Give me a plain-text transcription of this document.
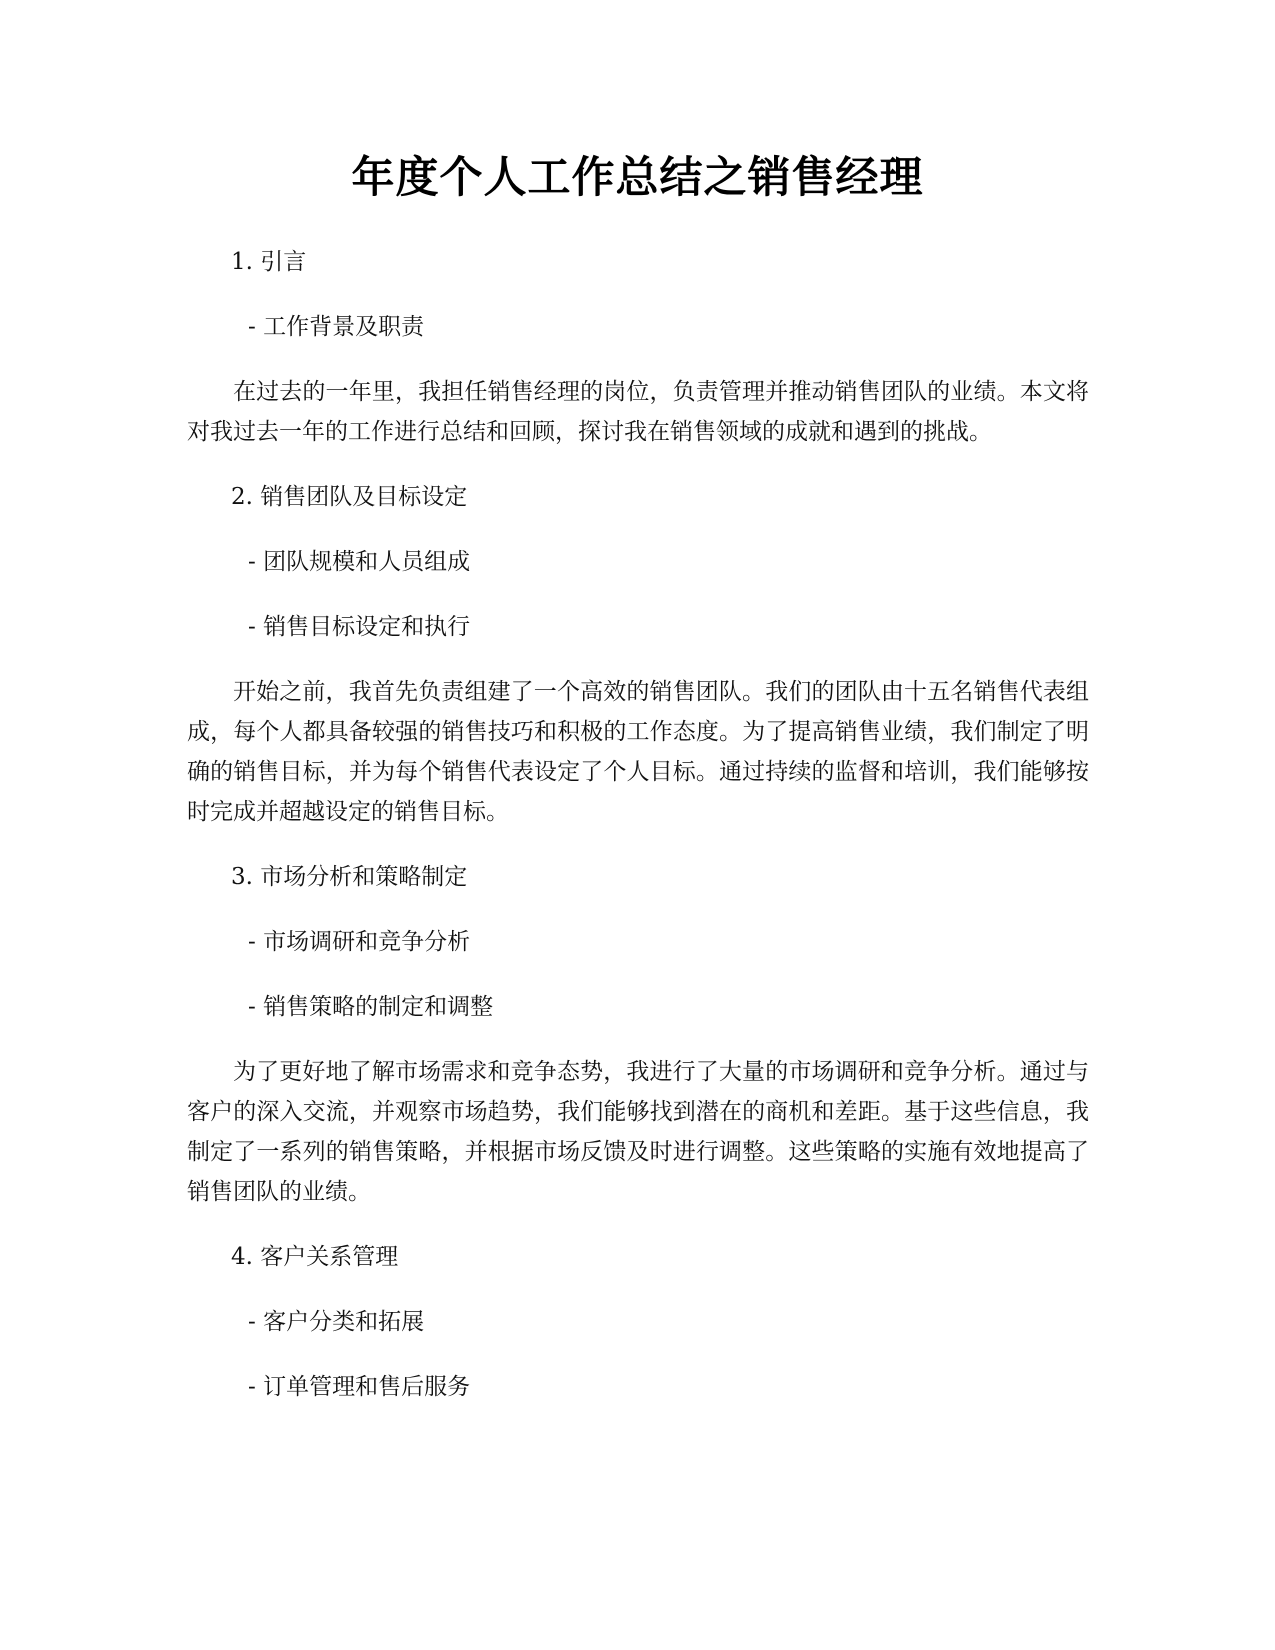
年度个人工作总结之销售经理
1. 引言
- 工作背景及职责
在过去的一年里，我担任销售经理的岗位，负责管理并推动销售团队的业绩。本文将对我过去一年的工作进行总结和回顾，探讨我在销售领域的成就和遇到的挑战。
2. 销售团队及目标设定
- 团队规模和人员组成
- 销售目标设定和执行
开始之前，我首先负责组建了一个高效的销售团队。我们的团队由十五名销售代表组成，每个人都具备较强的销售技巧和积极的工作态度。为了提高销售业绩，我们制定了明确的销售目标，并为每个销售代表设定了个人目标。通过持续的监督和培训，我们能够按时完成并超越设定的销售目标。
3. 市场分析和策略制定
- 市场调研和竞争分析
- 销售策略的制定和调整
为了更好地了解市场需求和竞争态势，我进行了大量的市场调研和竞争分析。通过与客户的深入交流，并观察市场趋势，我们能够找到潜在的商机和差距。基于这些信息，我制定了一系列的销售策略，并根据市场反馈及时进行调整。这些策略的实施有效地提高了销售团队的业绩。
4. 客户关系管理
- 客户分类和拓展
- 订单管理和售后服务
